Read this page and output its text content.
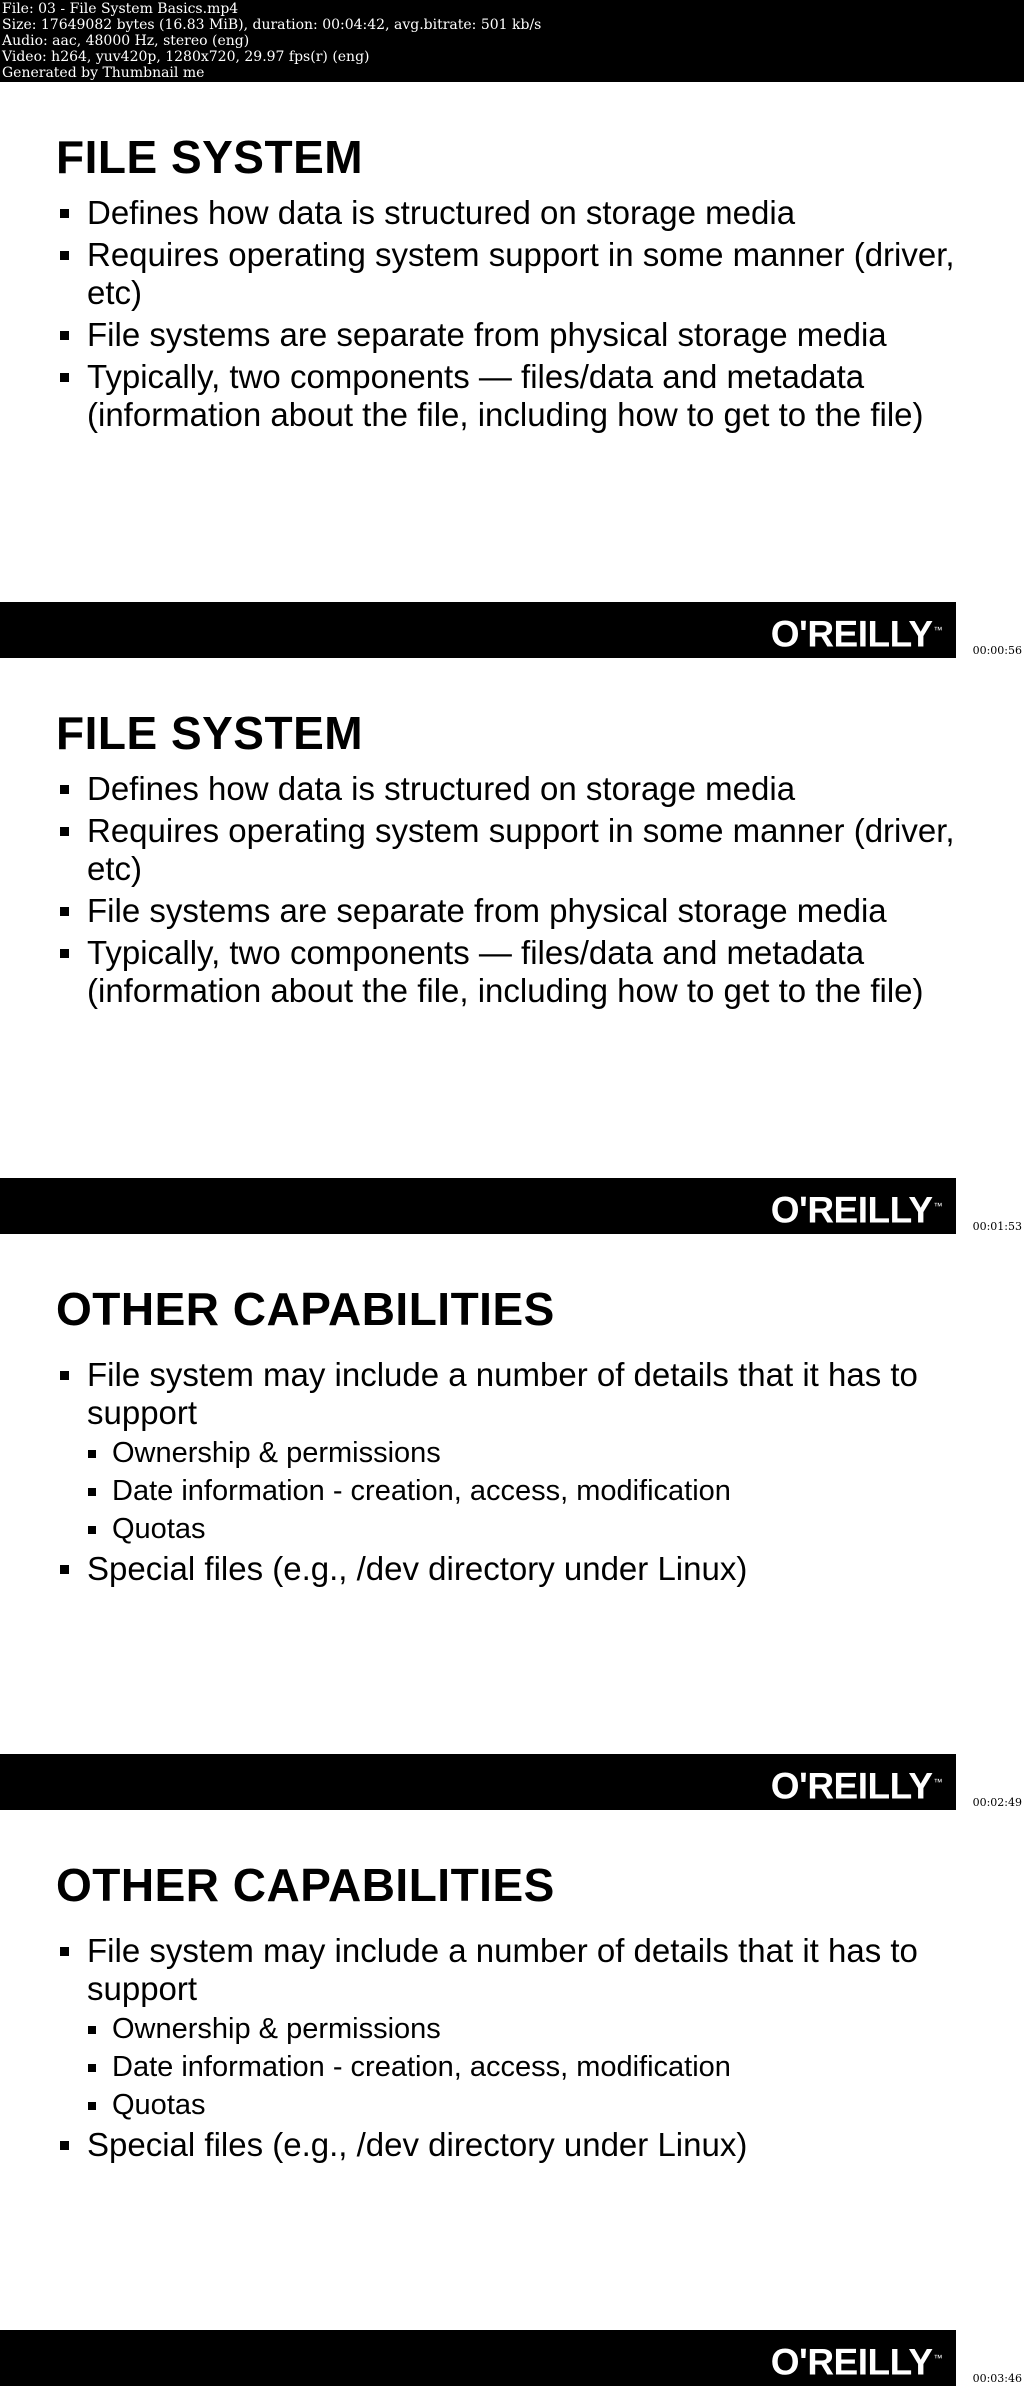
File: 03 - File System Basics.mp4
Size: 17649082 bytes (16.83 MiB), duration: 00:04:42, avg.bitrate: 501 kb/s
Audio: aac, 48000 Hz, stereo (eng)
Video: h264, yuv420p, 1280x720, 29.97 fps(r) (eng)
Generated by Thumbnail me
FILE SYSTEM
Defines how data is structured on storage media
Requires operating system support in some manner (driver, etc)
File systems are separate from physical storage media
Typically, two components — files/data and metadata (information about the file, including how to get to the file)
O'REILLY™
00:00:56
FILE SYSTEM
Defines how data is structured on storage media
Requires operating system support in some manner (driver, etc)
File systems are separate from physical storage media
Typically, two components — files/data and metadata (information about the file, including how to get to the file)
O'REILLY™
00:01:53
OTHER CAPABILITIES
File system may include a number of details that it has to support
Ownership & permissions
Date information - creation, access, modification
Quotas
Special files (e.g., /dev directory under Linux)
O'REILLY™
00:02:49
OTHER CAPABILITIES
File system may include a number of details that it has to support
Ownership & permissions
Date information - creation, access, modification
Quotas
Special files (e.g., /dev directory under Linux)
O'REILLY™
00:03:46
